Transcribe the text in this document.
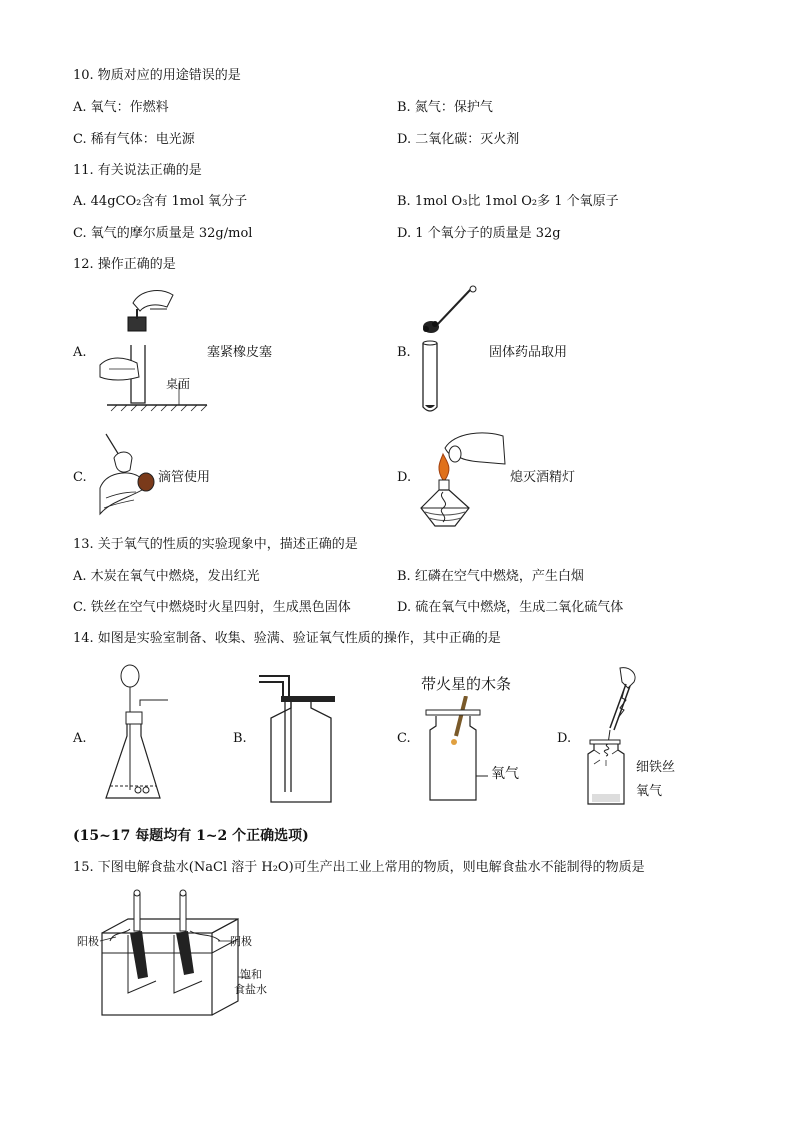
10. 物质对应的用途错误的是
A. 氧气：作燃料	B. 氮气：保护气
C. 稀有气体：电光源	D. 二氧化碳：灭火剂
11. 有关说法正确的是
A. 44gCO₂含有 1mol 氧分子	B. 1mol O₃比 1mol O₂多 1 个氧原子
C. 氧气的摩尔质量是 32g/mol	D. 1 个氧分子的质量是 32g
12. 操作正确的是
A.
桌面
塞紧橡皮塞	B.	固体药品取用
C.	滴管使用	D.	熄灭酒精灯
13. 关于氧气的性质的实验现象中，描述正确的是
A. 木炭在氧气中燃烧，发出红光	B. 红磷在空气中燃烧，产生白烟
C. 铁丝在空气中燃烧时火星四射，生成黑色固体	D. 硫在氧气中燃烧，生成二氧化硫气体
14. 如图是实验室制备、收集、验满、验证氧气性质的操作，其中正确的是
A.	B.	C.
带火星的木条
氧气
D.
细铁丝
氧气
(15~17 每题均有 1~2 个正确选项)
15. 下图电解食盐水(NaCl 溶于 H₂O)可生产出工业上常用的物质，则电解食盐水不能制得的物质是
阳极	阴极
饱和
食盐水
